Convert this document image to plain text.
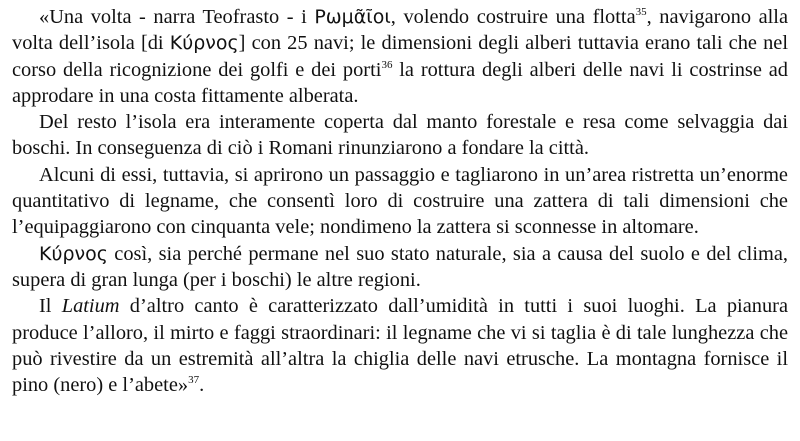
«Una volta - narra Teofrasto - i Ρωμᾶῖοι, volendo costruire una flotta$^{35}$, navigarono alla volta dell’isola [di Κύρνος] con 25 navi; le dimensioni degli alberi tuttavia erano tali che nel corso della ricognizione dei golfi e dei porti$^{36}$ la rottura degli alberi delle navi li costrinse ad approdare in una costa fittamente alberata.

Del resto l’isola era interamente coperta dal manto forestale e resa come selvaggia dai boschi. In conseguenza di ciò i Romani rinunziarono a fondare la città.

Alcuni di essi, tuttavia, si aprirono un passaggio e tagliarono in un’area ristretta un’enorme quantitativo di legname, che consentì loro di costruire una zattera di tali dimensioni che l’equipaggiarono con cinquanta vele; nondimeno la zattera si sconnesse in altomare.

Κύρνος così, sia perché permane nel suo stato naturale, sia a causa del suolo e del clima, supera di gran lunga (per i boschi) le altre regioni.

Il Latium d’altro canto è caratterizzato dall’umidità in tutti i suoi luoghi. La pianura produce l’alloro, il mirto e faggi straordinari: il legname che vi si taglia è di tale lunghezza che può rivestire da un estremità all’altra la chiglia delle navi etrusche. La montagna fornisce il pino (nero) e l’abete»$^{37}$.
